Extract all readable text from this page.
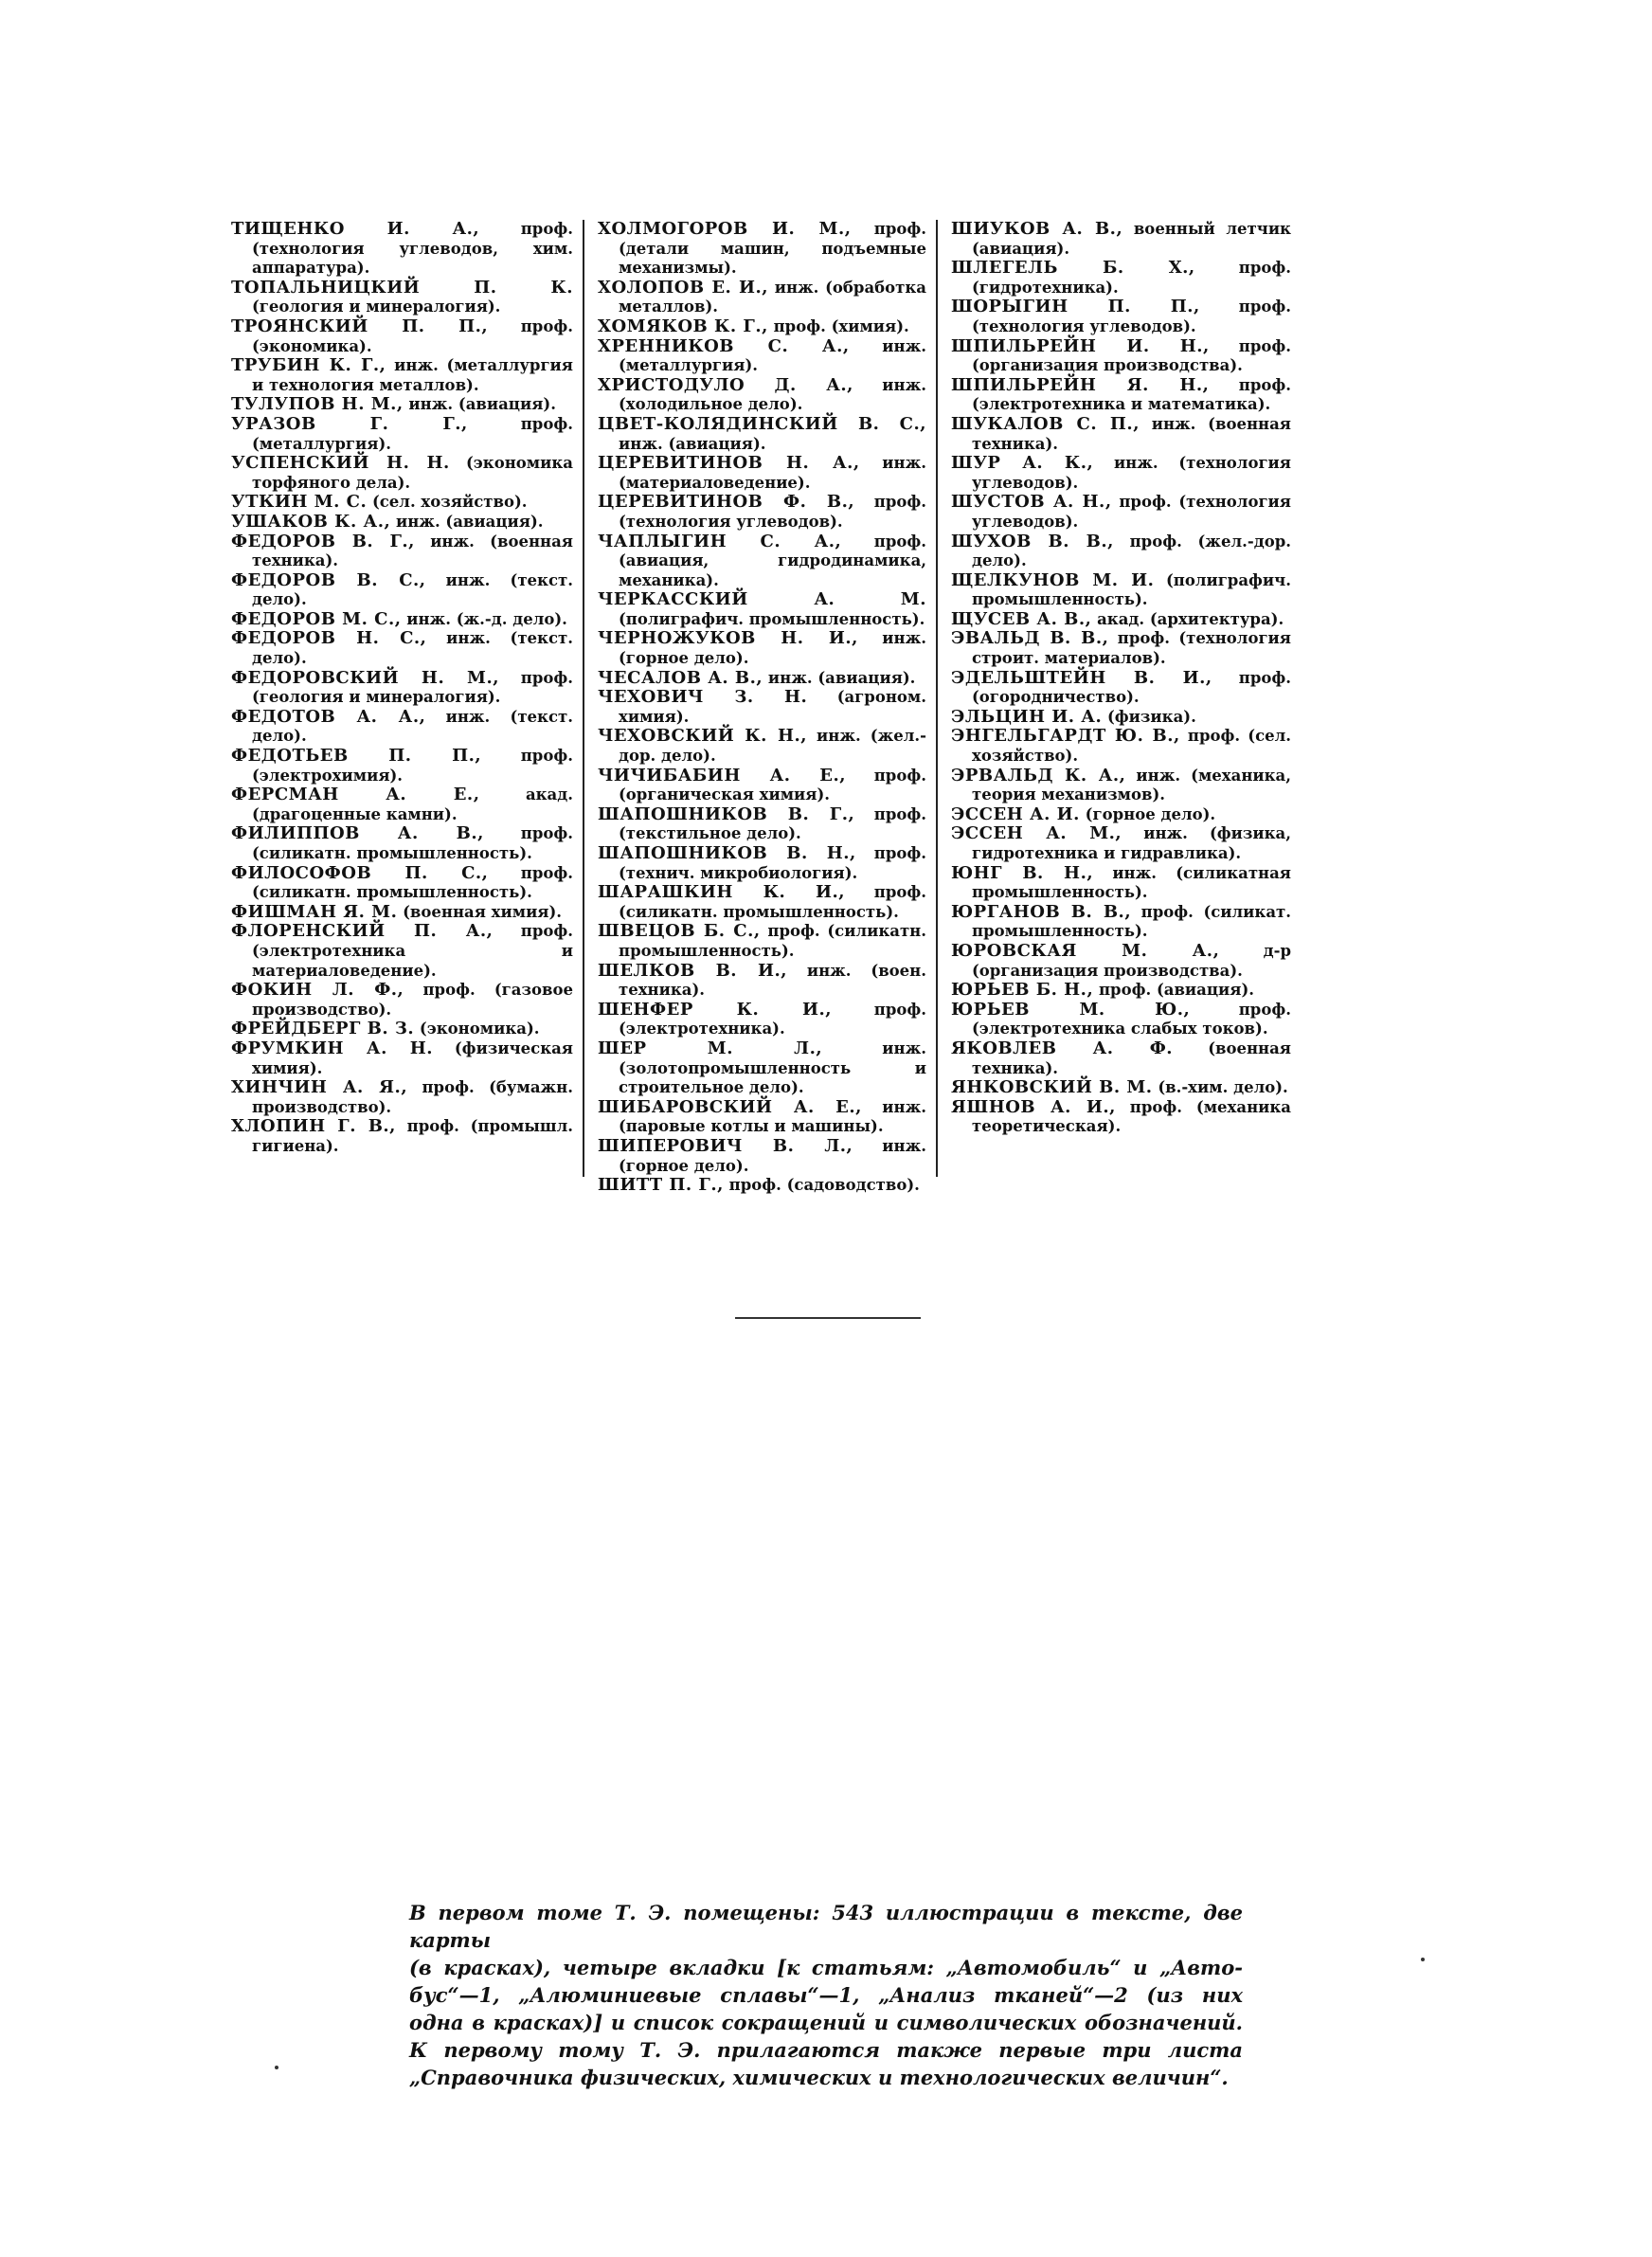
ТИЩЕНКО И. А.,	проф. (технология углеводов, хим. аппаратура).

ТОПАЛЬНИЦКИЙ П. К. (геология и минералогия).

ТРОЯНСКИЙ П. П., проф. (экономика).

ТРУБИН К. Г., инж. (металлургия и технология металлов).

ТУЛУПОВ Н. М., инж. (авиация).

УРАЗОВ Г. Г.,	проф. (металлургия).

УСПЕНСКИЙ Н. Н. (экономика торфяного дела).

УТКИН М. С. (сел. хозяйство).

УШАКОВ К. А., инж. (авиация).

ФЕДОРОВ В. Г., инж. (военная техника).

ФЕДОРОВ В. С., инж. (текст. дело).

ФЕДОРОВ М. С., инж. (ж.-д. дело).

ФЕДОРОВ Н. С., инж. (текст. дело).

ФЕДОРОВСКИЙ Н. М., проф. (геология и минералогия).

ФЕДОТОВ А. А., инж. (текст. дело).

ФЕДОТЬЕВ П. П.,	проф. (электрохимия).

ФЕРСМАН А. Е.,	акад. (драгоценные камни).

ФИЛИППОВ А. В., проф. (силикатн. промышленность).

ФИЛОСОФОВ П. С., проф. (силикатн. промышленность).

ФИШМАН Я. М. (военная химия).

ФЛОРЕНСКИЙ П. А., проф. (электротехника и материаловедение).

ФОКИН Л. Ф., проф. (газовое производство).

ФРЕЙДБЕРГ В. З. (экономика).

ФРУМКИН А. Н. (физическая химия).

ХИНЧИН А. Я., проф. (бумажн. производство).

ХЛОПИН Г. В., проф. (промышл. гигиена).

ХОЛМОГОРОВ И. М., проф. (детали машин, подъемные механизмы).

ХОЛОПОВ Е. И., инж. (обработка металлов).

ХОМЯКОВ К. Г., проф. (химия).

ХРЕННИКОВ С. А., инж. (металлургия).

ХРИСТОДУЛО Д. А., инж. (холодильное дело).

ЦВЕТ-КОЛЯДИНСКИЙ В. С., инж. (авиация).

ЦЕРЕВИТИНОВ Н. А., инж. (материаловедение).

ЦЕРЕВИТИНОВ Ф. В., проф. (технология углеводов).

ЧАПЛЫГИН С. А., проф. (авиация, гидродинамика, механика).

ЧЕРКАССКИЙ А. М. (полиграфич. промышленность).

ЧЕРНОЖУКОВ Н. И., инж. (горное дело).

ЧЕСАЛОВ А. В., инж. (авиация).

ЧЕХОВИЧ З. Н. (агроном. химия).

ЧЕХОВСКИЙ К. Н., инж. (жел.-дор. дело).

ЧИЧИБАБИН А. Е., проф. (органическая химия).

ШАПОШНИКОВ В. Г., проф. (текстильное дело).

ШАПОШНИКОВ В. Н., проф. (технич. микробиология).

ШАРАШКИН К. И., проф. (силикатн. промышленность).

ШВЕЦОВ Б. С., проф. (силикатн. промышленность).

ШЕЛКОВ В. И., инж. (воен. техника).

ШЕНФЕР К. И.,	проф. (электротехника).

ШЕР М. Л.,	инж. (золотопромышленность и строительное дело).

ШИБАРОВСКИЙ А. Е., инж. (паровые котлы и машины).

ШИПЕРОВИЧ В. Л., инж. (горное дело).

ШИТТ П. Г., проф. (садоводство).

ШИУКОВ А. В., военный летчик (авиация).

ШЛЕГЕЛЬ Б. Х.,	проф. (гидротехника).

ШОРЫГИН П. П., проф. (технология углеводов).

ШПИЛЬРЕЙН И. Н., проф. (организация производства).

ШПИЛЬРЕЙН Я. Н., проф. (электротехника и математика).

ШУКАЛОВ С. П., инж. (военная техника).

ШУР А. К., инж. (технология углеводов).

ШУСТОВ А. Н., проф. (технология углеводов).

ШУХОВ В. В., проф. (жел.-дор. дело).

ЩЕЛКУНОВ М. И. (полиграфич. промышленность).

ЩУСЕВ А. В., акад. (архитектура).

ЭВАЛЬД В. В., проф. (технология строит. материалов).

ЭДЕЛЬШТЕЙН В. И., проф. (огородничество).

ЭЛЬЦИН И. А. (физика).

ЭНГЕЛЬГАРДТ Ю. В., проф. (сел. хозяйство).

ЭРВАЛЬД К. А., инж. (механика, теория механизмов).

ЭССЕН А. И. (горное дело).

ЭССЕН А. М., инж. (физика, гидротехника и гидравлика).

ЮНГ В. Н., инж. (силикатная промышленность).

ЮРГАНОВ В. В., проф. (силикат. промышленность).

ЮРОВСКАЯ М. А.,	д-р (организация производства).

ЮРЬЕВ Б. Н., проф. (авиация).

ЮРЬЕВ М. Ю.,	проф. (электротехника слабых токов).

ЯКОВЛЕВ А. Ф. (военная техника).

ЯНКОВСКИЙ В. М. (в.-хим. дело).

ЯШНОВ А. И., проф. (механика теоретическая).

В первом томе Т. Э. помещены: 543 иллюстрации в тексте, две карты
(в красках), четыре вкладки [к статьям: „Автомобиль“ и „Авто-
бус“—1, „Алюминиевые сплавы“—1, „Анализ тканей“—2 (из них
одна в красках)] и список сокращений и символических обозначений.
К первому тому Т. Э. прилагаются также первые три листа
„Справочника физических, химических и технологических величин“.
